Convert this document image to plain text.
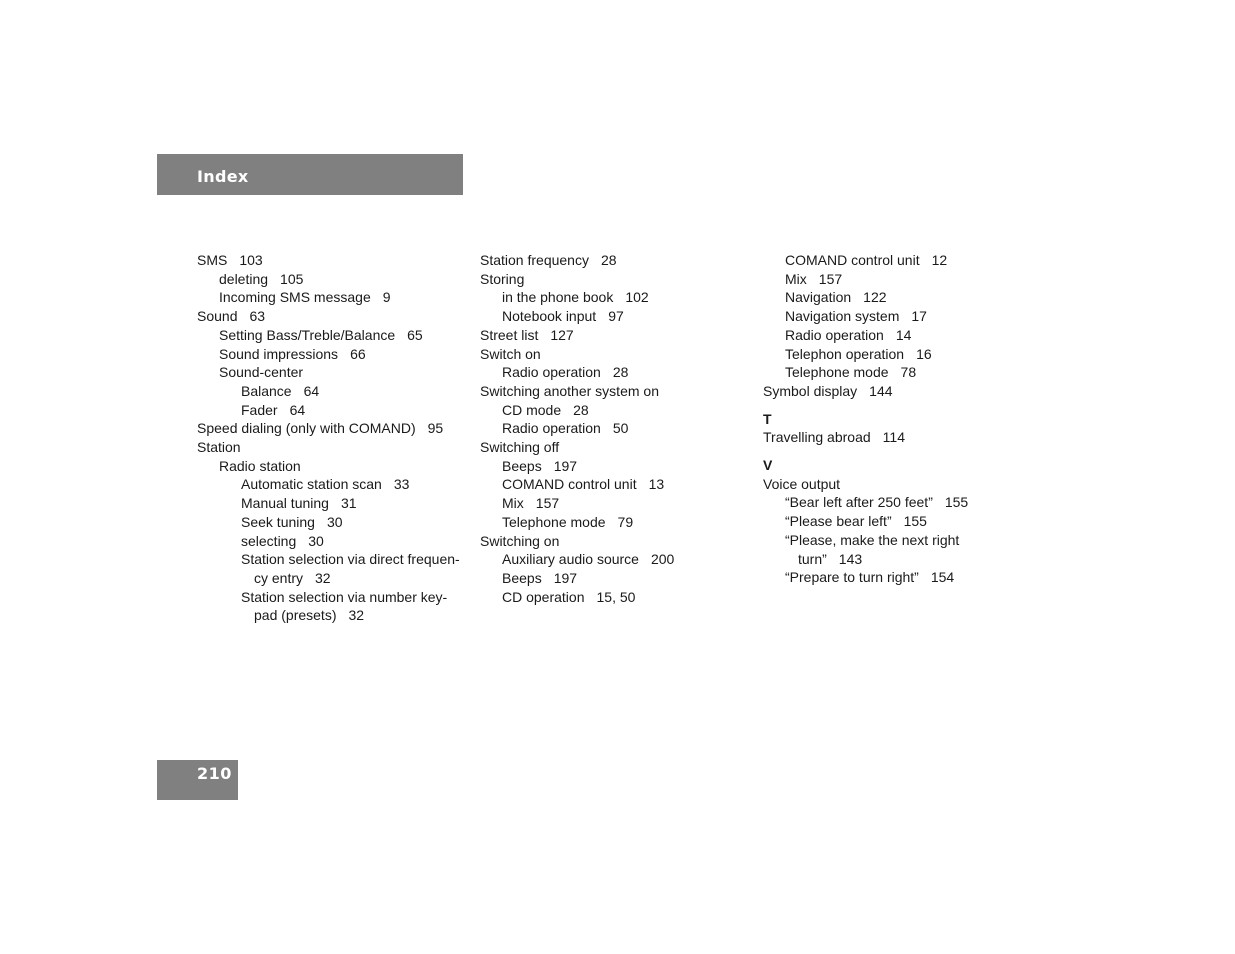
Index
SMS 103
deleting 105
Incoming SMS message 9
Sound 63
Setting Bass/Treble/Balance 65
Sound impressions 66
Sound-center
Balance 64
Fader 64
Speed dialing (only with COMAND) 95
Station
Radio station
Automatic station scan 33
Manual tuning 31
Seek tuning 30
selecting 30
Station selection via direct frequen-
cy entry 32
Station selection via number key-
pad (presets) 32
Station frequency 28
Storing
in the phone book 102
Notebook input 97
Street list 127
Switch on
Radio operation 28
Switching another system on
CD mode 28
Radio operation 50
Switching off
Beeps 197
COMAND control unit 13
Mix 157
Telephone mode 79
Switching on
Auxiliary audio source 200
Beeps 197
CD operation 15, 50
COMAND control unit 12
Mix 157
Navigation 122
Navigation system 17
Radio operation 14
Telephon operation 16
Telephone mode 78
Symbol display 144
T
Travelling abroad 114
V
Voice output
“Bear left after 250 feet” 155
“Please bear left” 155
“Please, make the next right
turn” 143
“Prepare to turn right” 154
210
